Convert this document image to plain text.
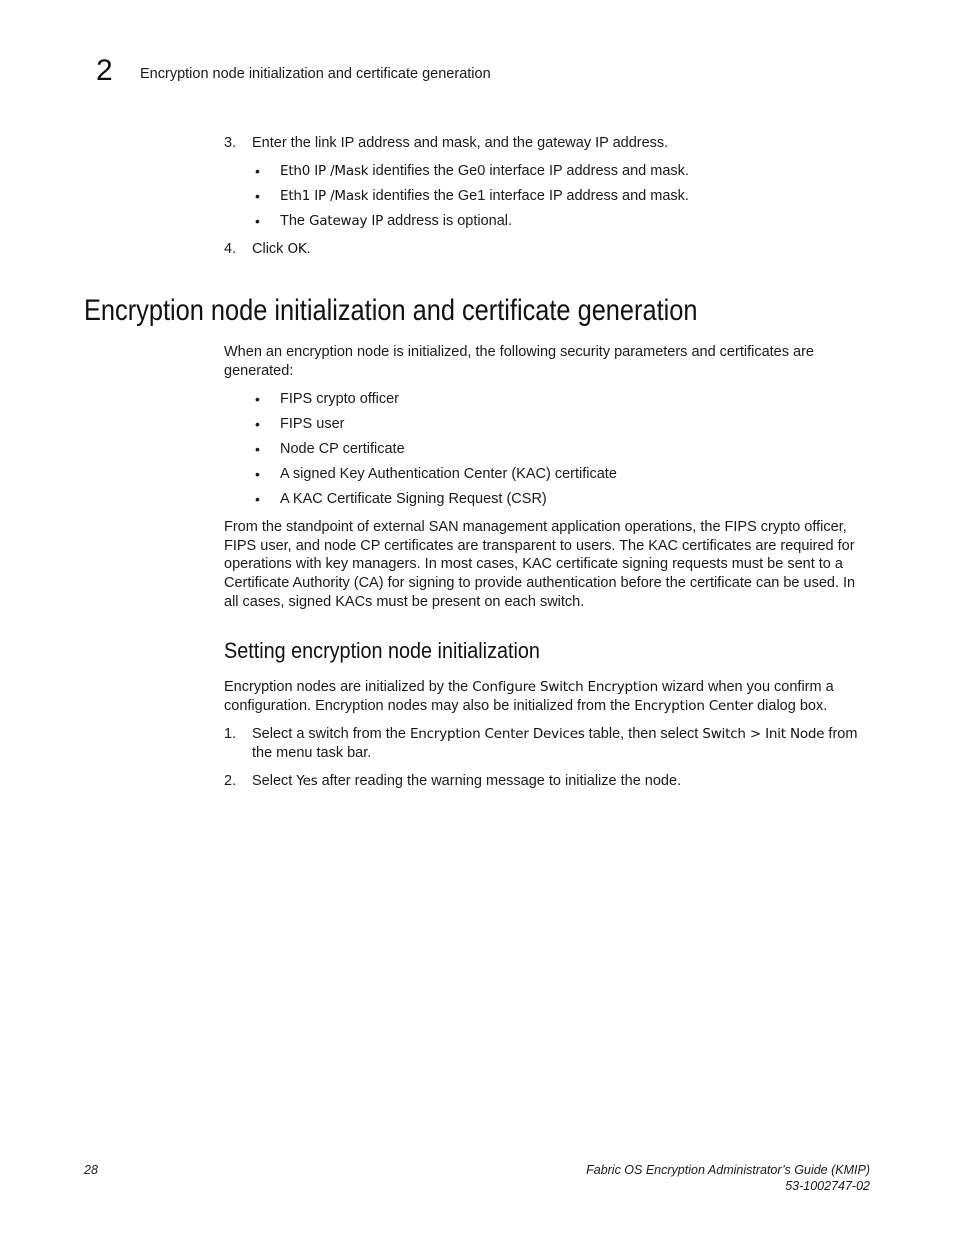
2 Encryption node initialization and certificate generation
3. Enter the link IP address and mask, and the gateway IP address.
• Eth0 IP /Mask identifies the Ge0 interface IP address and mask.
• Eth1 IP /Mask identifies the Ge1 interface IP address and mask.
• The Gateway IP address is optional.
4. Click OK.
Encryption node initialization and certificate generation
When an encryption node is initialized, the following security parameters and certificates are generated:
• FIPS crypto officer
• FIPS user
• Node CP certificate
• A signed Key Authentication Center (KAC) certificate
• A KAC Certificate Signing Request (CSR)
From the standpoint of external SAN management application operations, the FIPS crypto officer, FIPS user, and node CP certificates are transparent to users. The KAC certificates are required for operations with key managers. In most cases, KAC certificate signing requests must be sent to a Certificate Authority (CA) for signing to provide authentication before the certificate can be used. In all cases, signed KACs must be present on each switch.
Setting encryption node initialization
Encryption nodes are initialized by the Configure Switch Encryption wizard when you confirm a configuration. Encryption nodes may also be initialized from the Encryption Center dialog box.
1. Select a switch from the Encryption Center Devices table, then select Switch > Init Node from the menu task bar.
2. Select Yes after reading the warning message to initialize the node.
28	Fabric OS Encryption Administrator’s Guide (KMIP)
53-1002747-02
